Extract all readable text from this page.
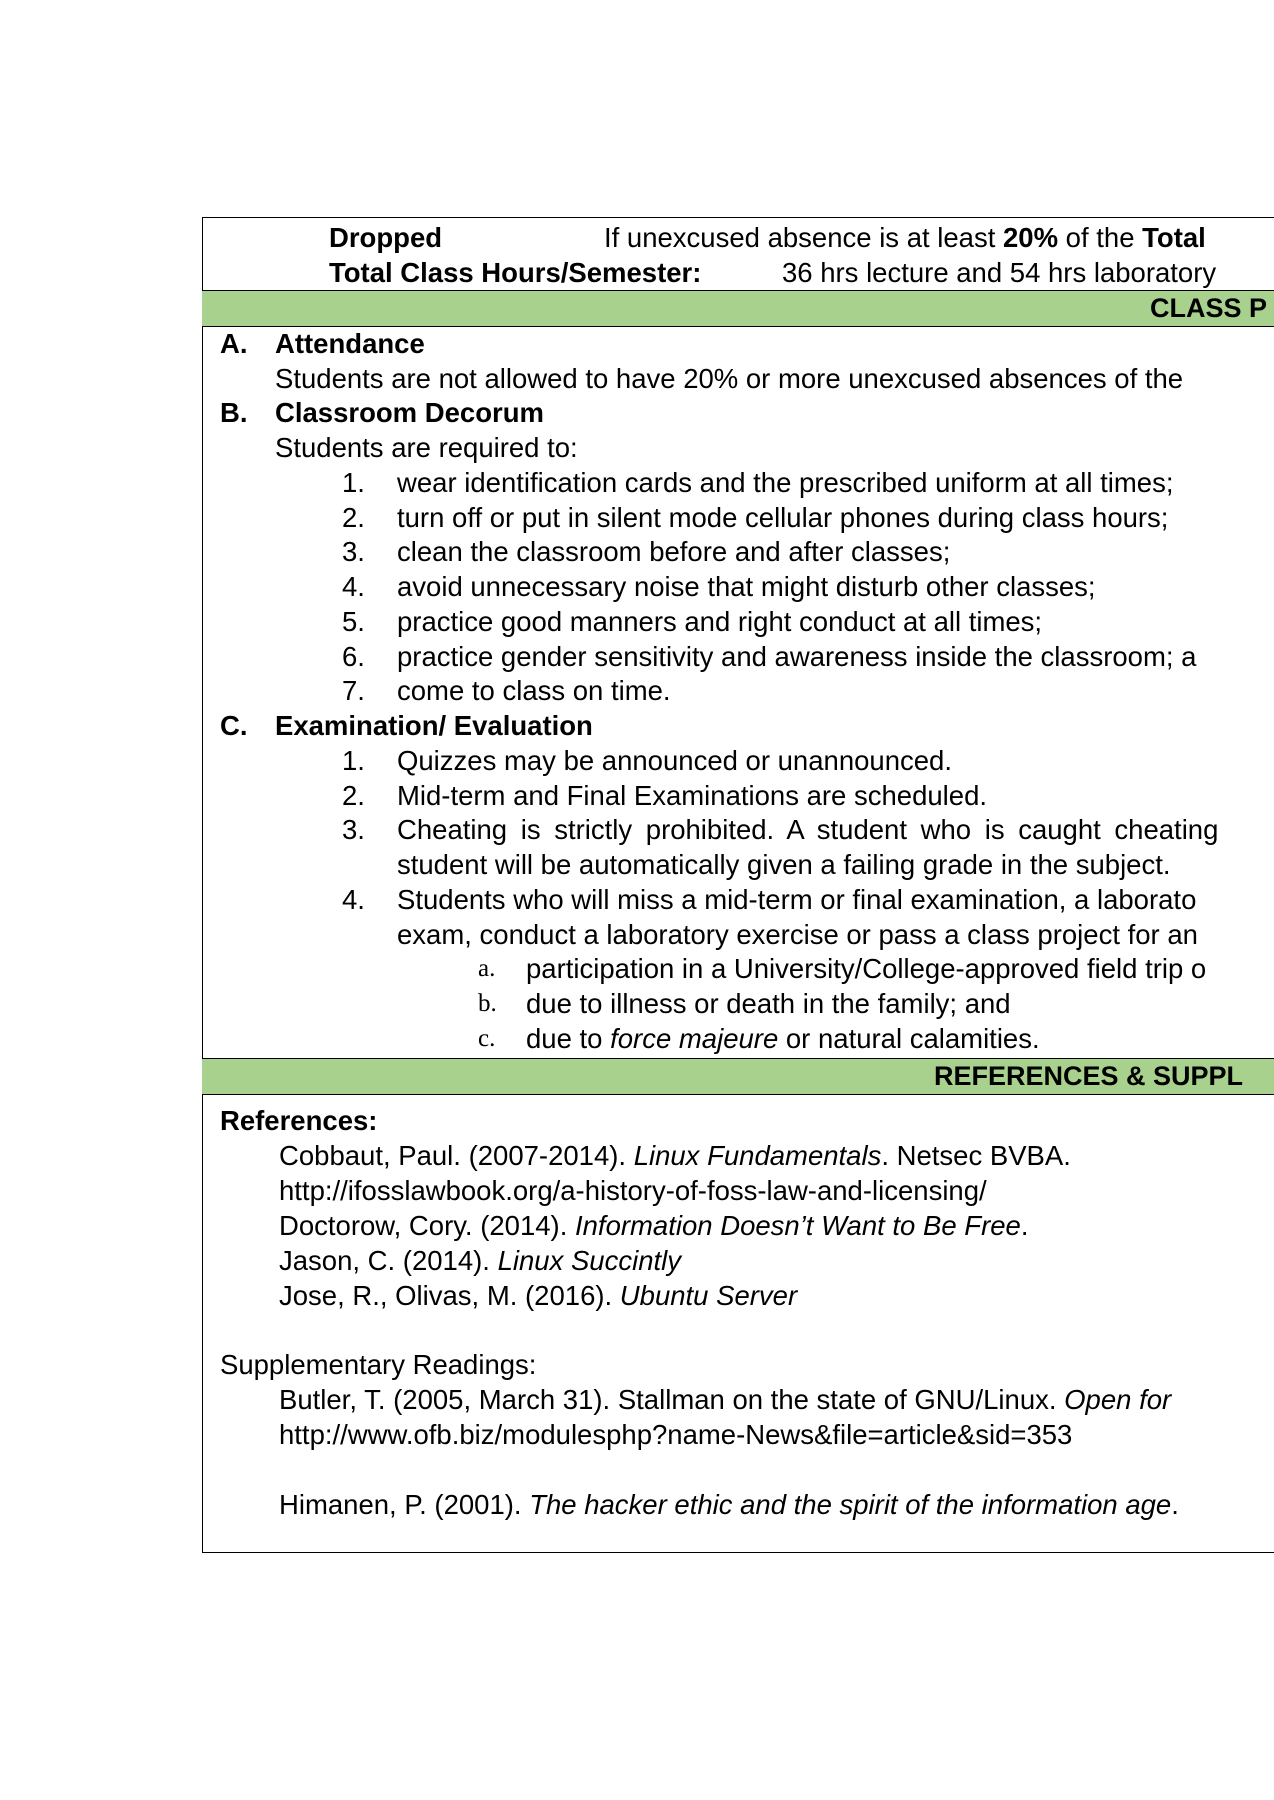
Dropped	If unexcused absence is at least 20% of the Total
Total Class Hours/Semester:	36 hrs lecture and 54 hrs laboratory
CLASS P
A. Attendance
Students are not allowed to have 20% or more unexcused absences of the
B. Classroom Decorum
Students are required to:
1. wear identification cards and the prescribed uniform at all times;
2. turn off or put in silent mode cellular phones during class hours;
3. clean the classroom before and after classes;
4. avoid unnecessary noise that might disturb other classes;
5. practice good manners and right conduct at all times;
6. practice gender sensitivity and awareness inside the classroom; a
7. come to class on time.
C. Examination/ Evaluation
1. Quizzes may be announced or unannounced.
2. Mid-term and Final Examinations are scheduled.
3. Cheating is strictly prohibited. A student who is caught cheating
student will be automatically given a failing grade in the subject.
4. Students who will miss a mid-term or final examination, a laborato
exam, conduct a laboratory exercise or pass a class project for an
a. participation in a University/College-approved field trip o
b. due to illness or death in the family; and
c. due to force majeure or natural calamities.
REFERENCES & SUPPL
References:
Cobbaut, Paul. (2007-2014). Linux Fundamentals. Netsec BVBA.
http://ifosslawbook.org/a-history-of-foss-law-and-licensing/
Doctorow, Cory. (2014). Information Doesn’t Want to Be Free.
Jason, C. (2014). Linux Succintly
Jose, R., Olivas, M. (2016). Ubuntu Server
Supplementary Readings:
Butler, T. (2005, March 31). Stallman on the state of GNU/Linux. Open for
http://www.ofb.biz/modulesphp?name-News&file=article&sid=353
Himanen, P. (2001). The hacker ethic and the spirit of the information age.
